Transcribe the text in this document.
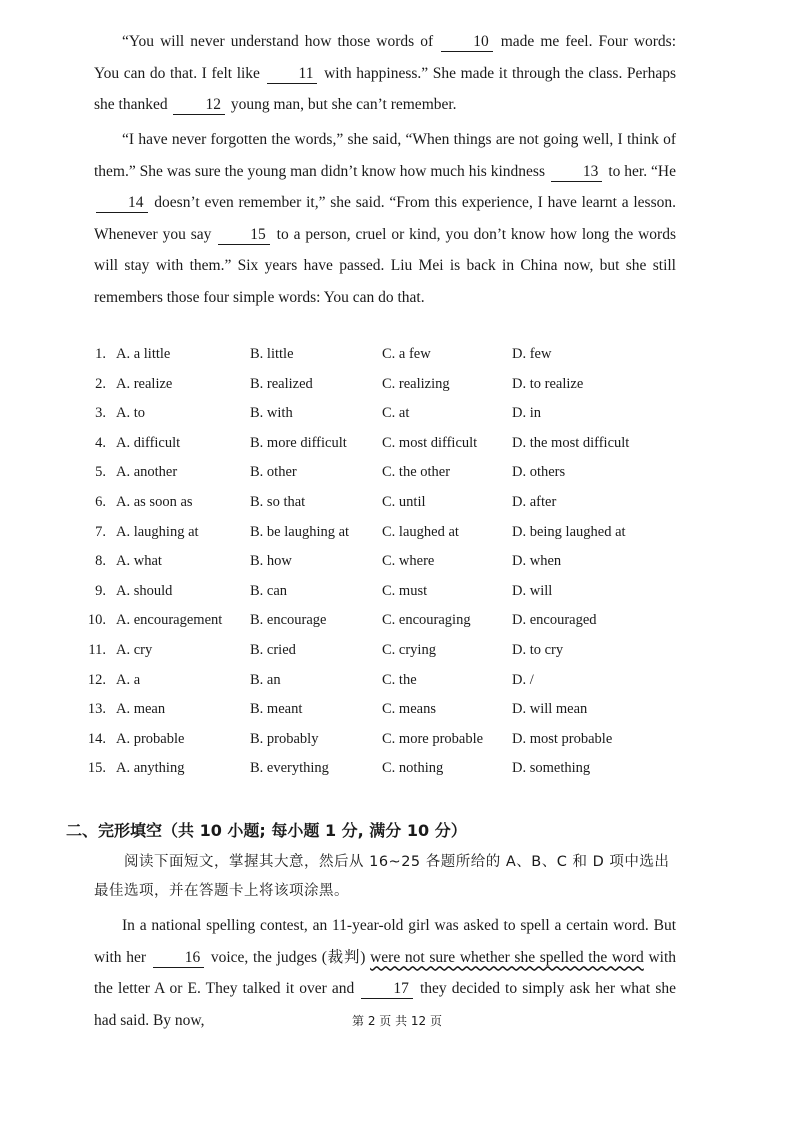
“You will never understand how those words of	10 made me feel. Four words: You can do that. I felt like 11 with happiness.” She made it through the class. Perhaps she thanked 12 young man, but she can’t remember.

“I have never forgotten the words,” she said, “When things are not going well, I think of them.” She was sure the young man didn’t know how much his kindness 13 to her. “He 14 doesn’t even remember it,” she said. “From this experience, I have learnt a lesson. Whenever you say	15 to a person, cruel or kind, you don’t know how long the words will stay with them.” Six years have passed. Liu Mei is back in China now, but she still remembers those four simple words: You can do that.

1. A. a little	B. little	C. a few	D. few
2. A. realize	B. realized	C. realizing	D. to realize
3. A. to	B. with	C. at	D. in
4. A. difficult	B. more difficult C. most difficult D. the most difficult
5. A. another	B. other	C. the other	D. others
6. A. as soon as	B. so that	C. until	D. after
7. A. laughing at	B. be laughing at C. laughed at	D. being laughed at
8. A. what	B. how	C. where	D. when
9. A. should	B. can	C. must	D. will
10. A. encouragement B. encourage	C. encouraging	D. encouraged
11. A. cry	B. cried	C. crying	D. to cry
12. A. a	B. an	C. the	D. /
13. A. mean	B. meant	C. means	D. will mean
14. A. probable	B. probably	C. more probable D. most probable
15. A. anything	B. everything	C. nothing	D. something
二、完形填空（共 10 小题; 每小题 1 分, 满分 10 分）

阅读下面短文，掌握其大意，然后从 16~25 各题所给的 A、B、C 和 D 项中选出最佳选项，并在答题卡上将该项涂黑。

In a national spelling contest, an 11-year-old girl was asked to spell a certain word. But with her 16 voice, the judges (裁判) were not sure whether she spelled the word with the letter A or E. They talked it over and	17 they decided to simply ask her what she had said. By now,	第 2 页 共 12 页
